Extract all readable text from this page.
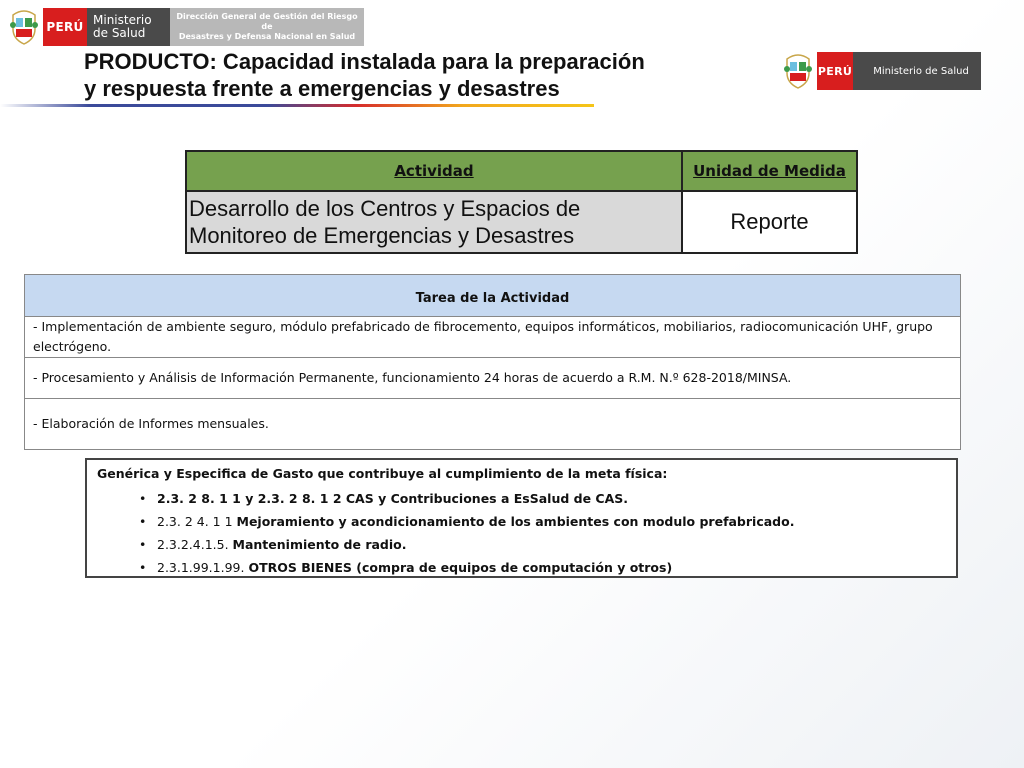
PERÚ Ministerio
de Salud
Dirección General de Gestión del Riesgo de
Desastres y Defensa Nacional en Salud
PRODUCTO: Capacidad instalada para la preparación
y respuesta frente a emergencias y desastres
PERÚ	Ministerio de Salud
Actividad	Unidad de Medida
Desarrollo de los Centros y Espacios de Monitoreo de Emergencias y Desastres	Reporte
Tarea de la Actividad
- Implementación de ambiente seguro, módulo prefabricado de fibrocemento, equipos informáticos, mobiliarios, radiocomunicación UHF, grupo electrógeno.
- Procesamiento y Análisis de Información Permanente, funcionamiento 24 horas de acuerdo a R.M. N.º 628-2018/MINSA.
- Elaboración de Informes mensuales.

Genérica y Especifica de Gasto que contribuye al cumplimiento de la meta física:

• 2.3. 2 8. 1 1 y 2.3. 2 8. 1 2 CAS y Contribuciones a EsSalud de CAS.
• 2.3. 2 4. 1 1 Mejoramiento y acondicionamiento de los ambientes con modulo prefabricado.
• 2.3.2.4.1.5. Mantenimiento de radio.
• 2.3.1.99.1.99. OTROS BIENES (compra de equipos de computación y otros)
